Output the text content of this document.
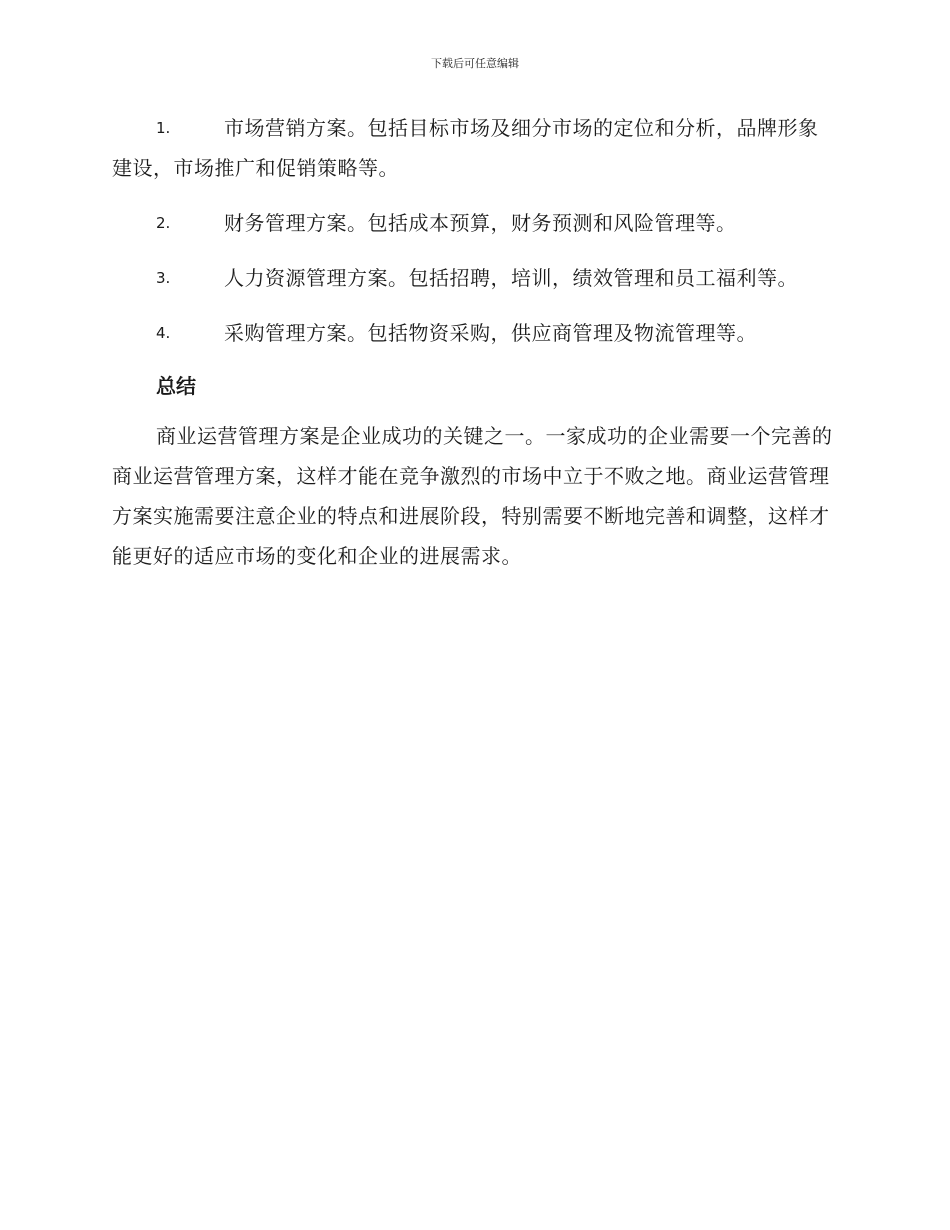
下载后可任意编辑
1.	市场营销方案。包括目标市场及细分市场的定位和分析，品牌形象建设，市场推广和促销策略等。
2.	财务管理方案。包括成本预算，财务预测和风险管理等。
3.	人力资源管理方案。包括招聘，培训，绩效管理和员工福利等。
4.	采购管理方案。包括物资采购，供应商管理及物流管理等。
总结
商业运营管理方案是企业成功的关键之一。一家成功的企业需要一个完善的商业运营管理方案，这样才能在竞争激烈的市场中立于不败之地。商业运营管理方案实施需要注意企业的特点和进展阶段，特别需要不断地完善和调整，这样才能更好的适应市场的变化和企业的进展需求。
